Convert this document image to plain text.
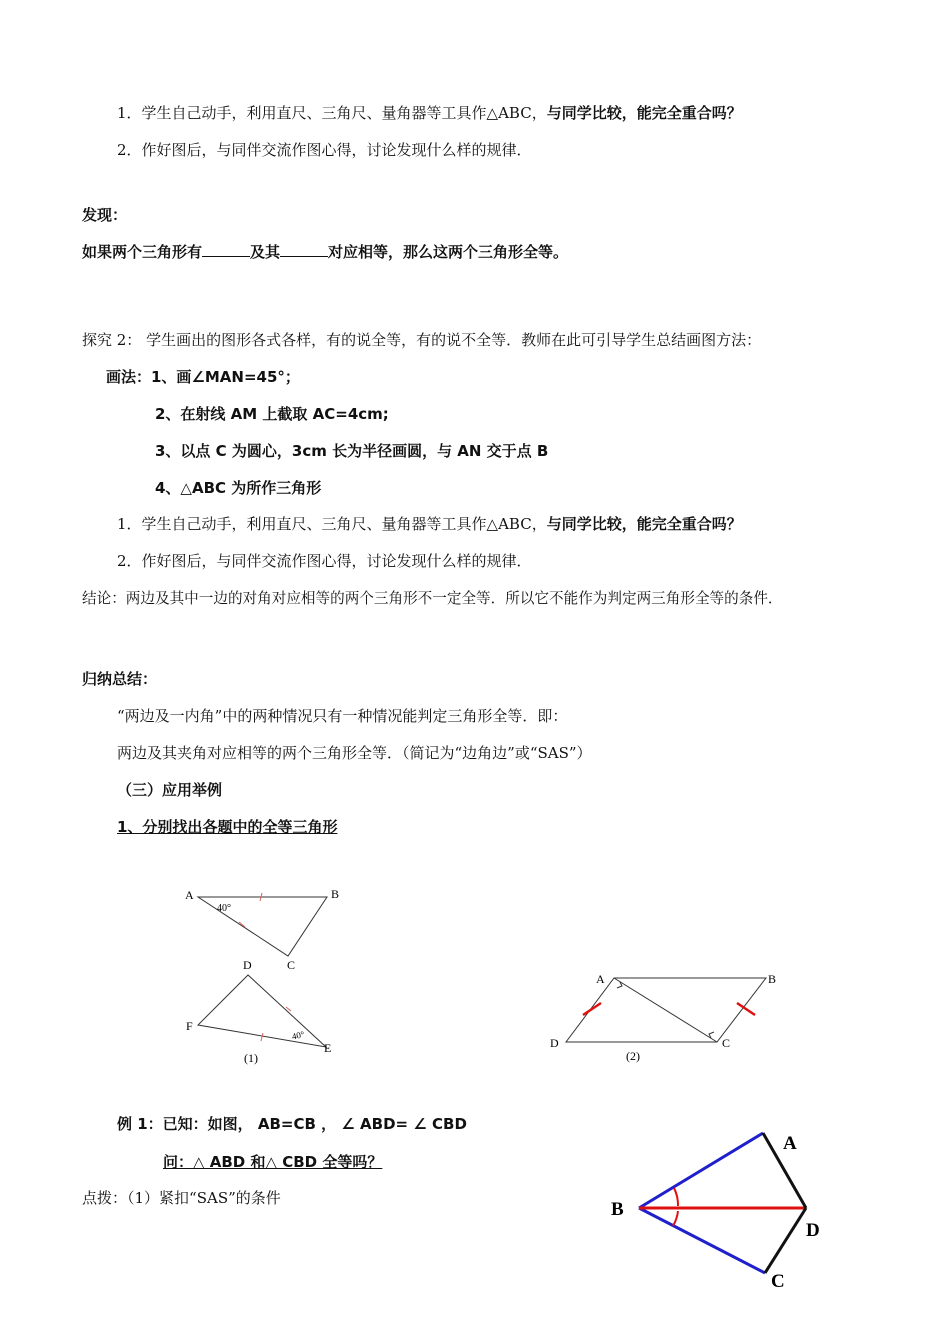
1．学生自己动手，利用直尺、三角尺、量角器等工具作△ABC，与同学比较，能完全重合吗？
2．作好图后，与同伴交流作图心得，讨论发现什么样的规律．
发现：
如果两个三角形有	及其	对应相等，那么这两个三角形全等。
探究 2： 学生画出的图形各式各样，有的说全等，有的说不全等．教师在此可引导学生总结画图方法：
画法：1、画∠MAN=45°；
2、在射线 AM 上截取 AC=4cm;
3、以点 C 为圆心，3cm 长为半径画圆，与 AN 交于点 B
4、△ABC 为所作三角形
1．学生自己动手，利用直尺、三角尺、量角器等工具作△ABC，与同学比较，能完全重合吗？
2．作好图后，与同伴交流作图心得，讨论发现什么样的规律．
结论：两边及其中一边的对角对应相等的两个三角形不一定全等．所以它不能作为判定两三角形全等的条件．
归纳总结：
“两边及一内角”中的两种情况只有一种情况能判定三角形全等．即：
两边及其夹角对应相等的两个三角形全等．（简记为“边角边”或“SAS”）
（三）应用举例
1、分别找出各题中的全等三角形
A	B
C
D
F
E
40°
40°
(1)
A	B
C
D
(2)
例 1：已知：如图， AB=CB ， ∠ ABD= ∠ CBD
问：△ ABD 和△ CBD 全等吗？
点拨：（1）紧扣“SAS”的条件
A
B
D
C
